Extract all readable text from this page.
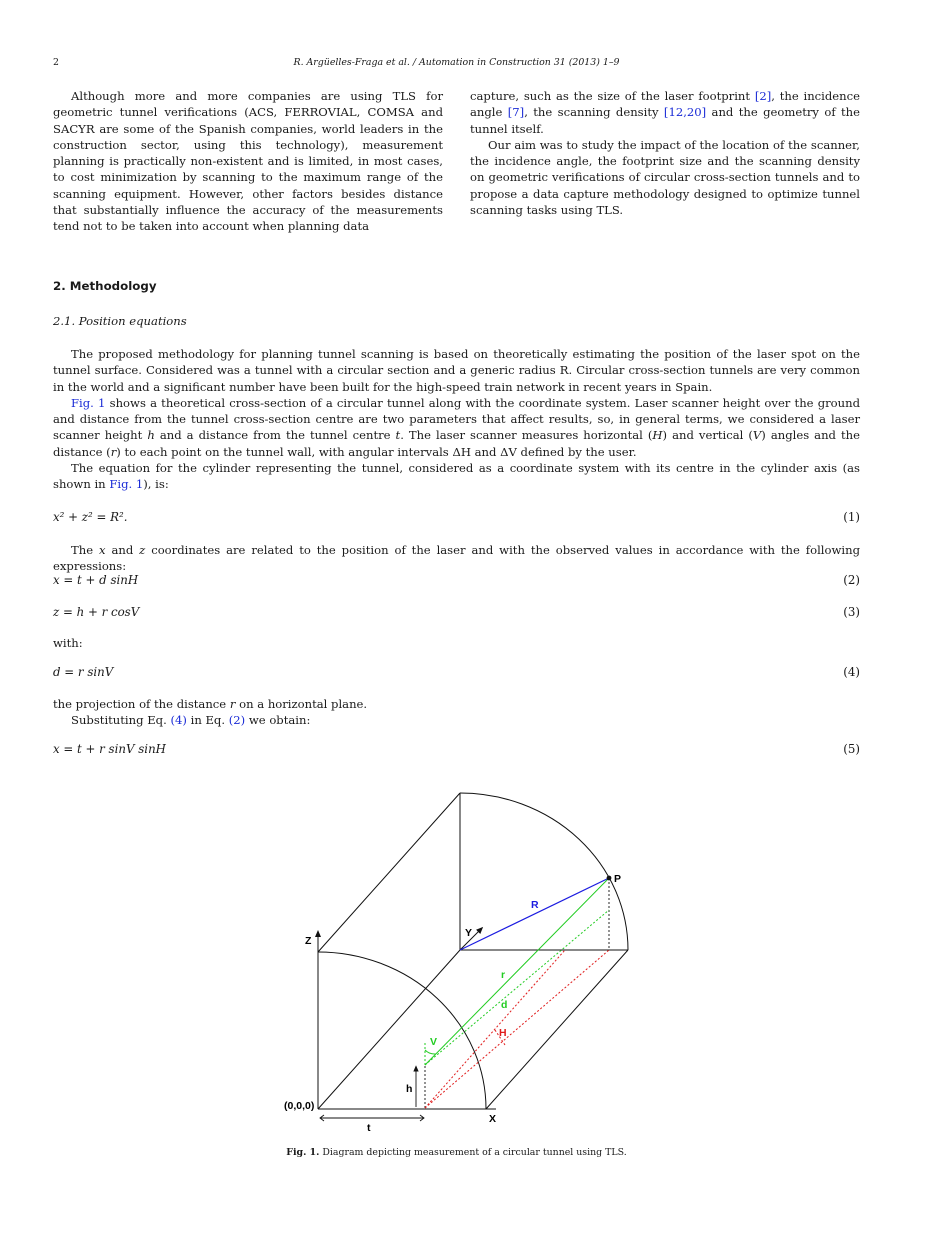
2	R. Argüelles-Fraga et al. / Automation in Construction 31 (2013) 1–9

Although more and more companies are using TLS for geometric tunnel verifications (ACS, FERROVIAL, COMSA and SACYR are some of the Spanish companies, world leaders in the construction sector, using this technology), measurement planning is practically non-existent and is limited, in most cases, to cost minimization by scanning to the maximum range of the scanning equipment. However, other factors besides distance that substantially influence the accuracy of the measurements tend not to be taken into account when planning data

capture, such as the size of the laser footprint [2], the incidence angle [7], the scanning density [12,20] and the geometry of the tunnel itself.

Our aim was to study the impact of the location of the scanner, the incidence angle, the footprint size and the scanning density on geometric verifications of circular cross-section tunnels and to propose a data capture methodology designed to optimize tunnel scanning tasks using TLS.

2. Methodology
2.1. Position equations

The proposed methodology for planning tunnel scanning is based on theoretically estimating the position of the laser spot on the tunnel surface. Considered was a tunnel with a circular section and a generic radius R. Circular cross-section tunnels are very common in the world and a significant number have been built for the high-speed train network in recent years in Spain.

Fig. 1 shows a theoretical cross-section of a circular tunnel along with the coordinate system. Laser scanner height over the ground and distance from the tunnel cross-section centre are two parameters that affect results, so, in general terms, we considered a laser scanner height h and a distance from the tunnel centre t. The laser scanner measures horizontal (H) and vertical (V) angles and the distance (r) to each point on the tunnel wall, with angular intervals ΔH and ΔV defined by the user.

The equation for the cylinder representing the tunnel, considered as a coordinate system with its centre in the cylinder axis (as shown in Fig. 1), is:

x² + z² = R².	(1)

The x and z coordinates are related to the position of the laser and with the observed values in accordance with the following expressions:

x = t + d sinH	(2)
z = h + r cosV	(3)

with:

d = r sinV	(4)

the projection of the distance r on a horizontal plane.

Substituting Eq. (4) in Eq. (2) we obtain:

x = t + r sinV sinH	(5)
Z
Y
X
P
R
r
d
H
V
h
t
(0,0,0)
Fig. 1. Diagram depicting measurement of a circular tunnel using TLS.
